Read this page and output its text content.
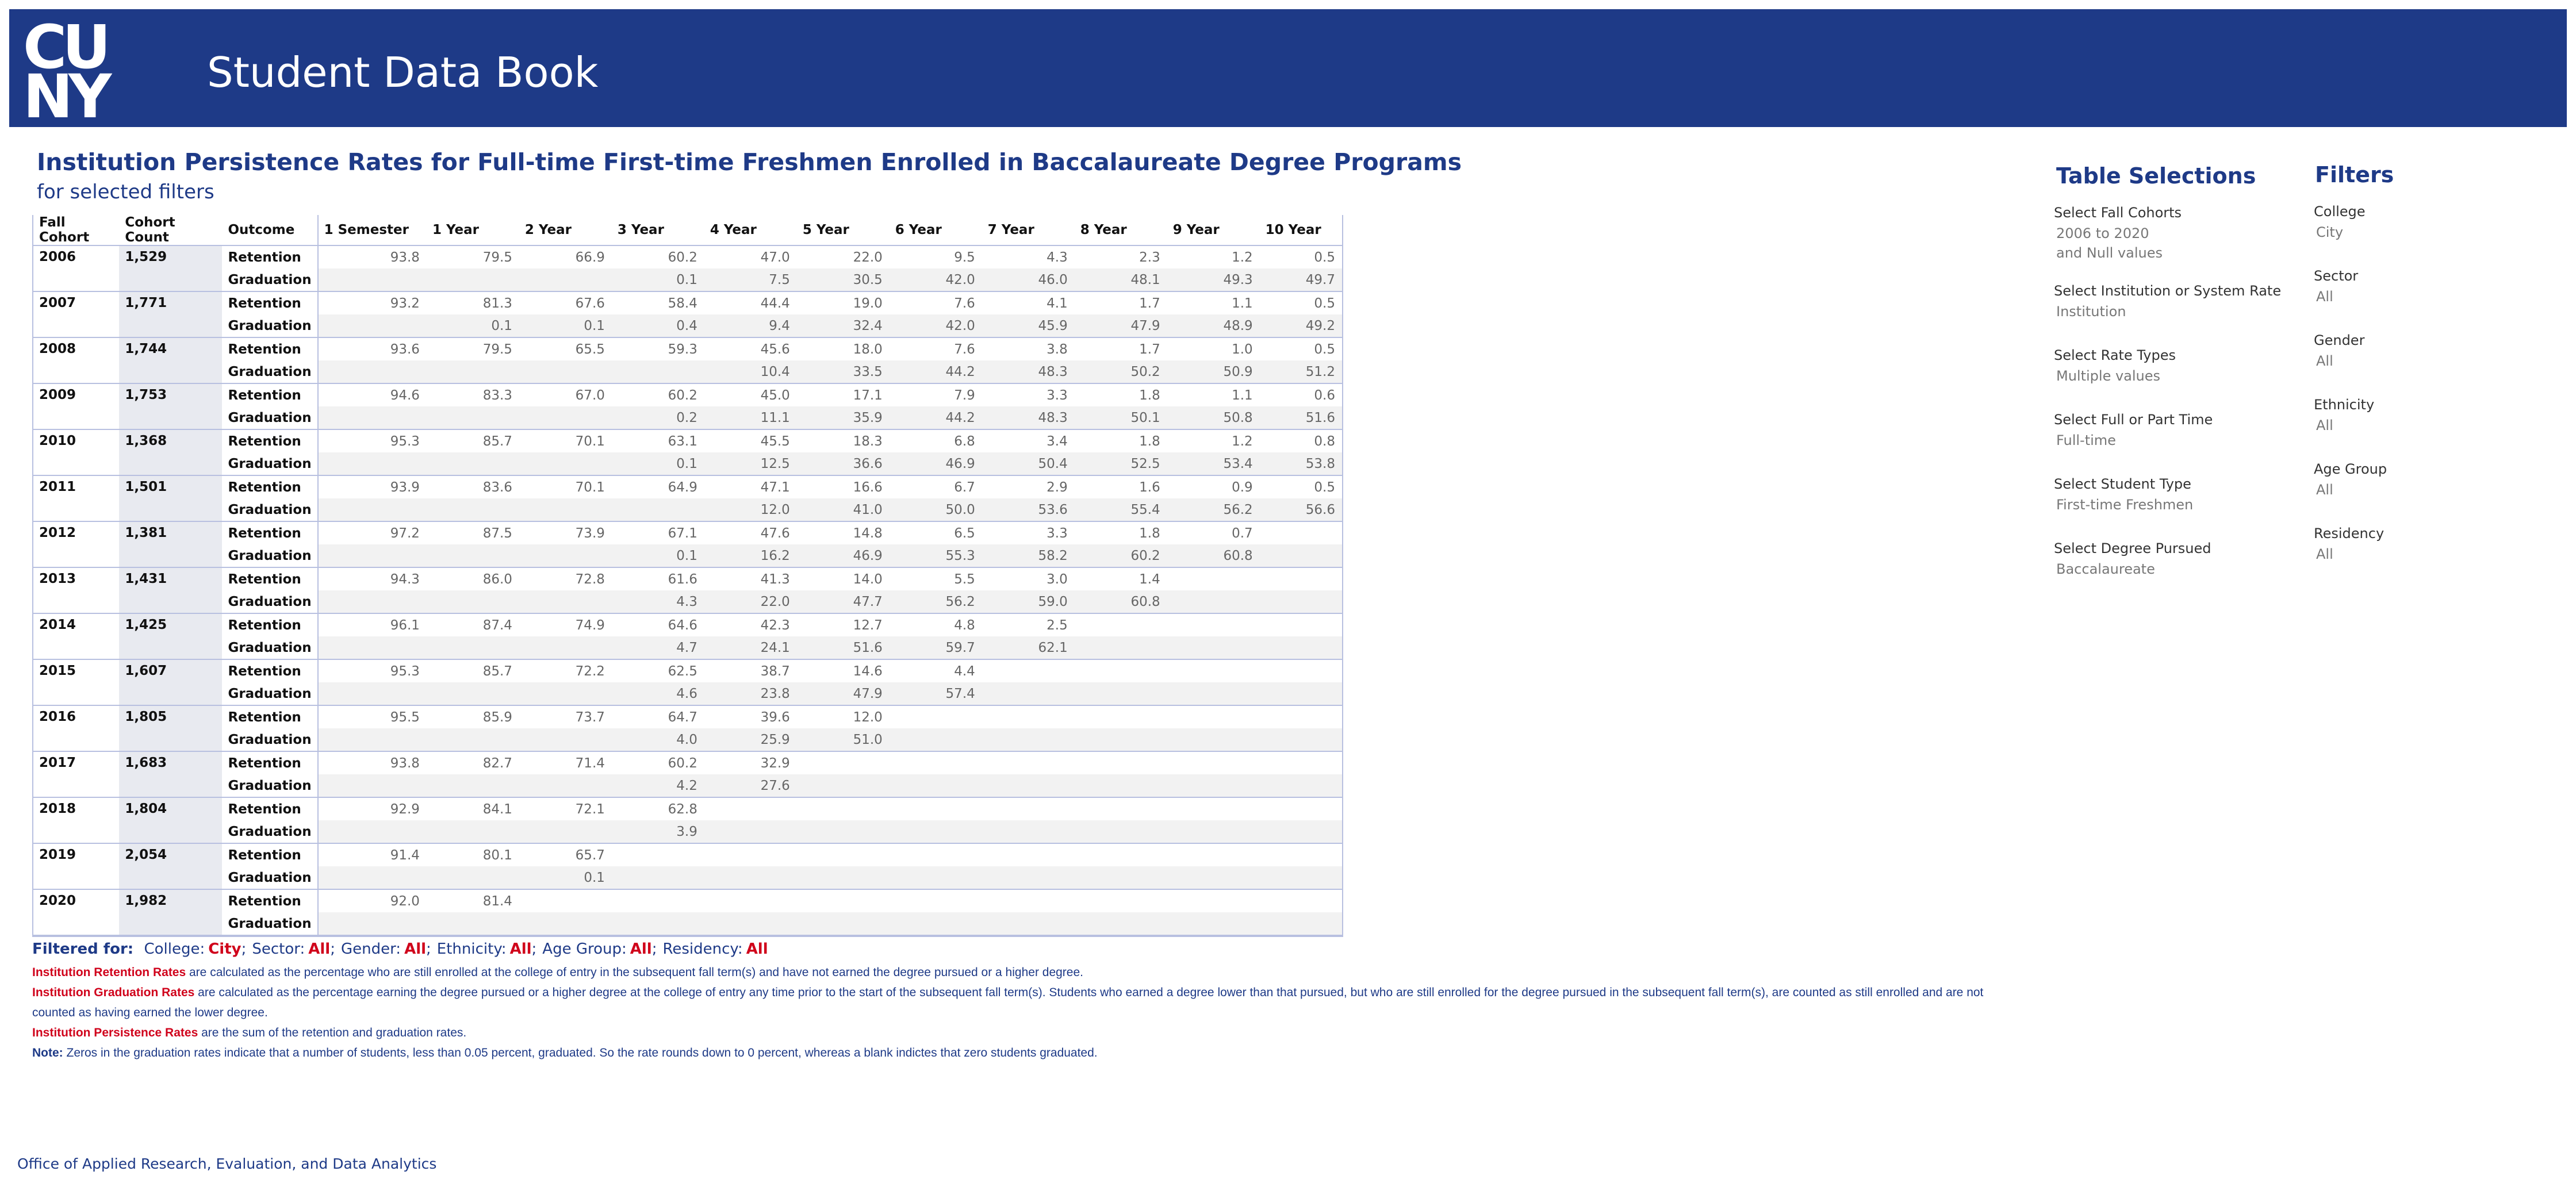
CU
NY Student Data Book
Institution Persistence Rates for Full-time First-time Freshmen Enrolled in Baccalaureate Degree Programs
for selected filters
Fall Cohort	Cohort Count	Outcome	1 Semester	1 Year	2 Year	3 Year	4 Year	5 Year	6 Year	7 Year	8 Year	9 Year	10 Year
2006	1,529	Retention	93.8	79.5	66.9	60.2	47.0	22.0	9.5	4.3	2.3	1.2	0.5
		Graduation				0.1	7.5	30.5	42.0	46.0	48.1	49.3	49.7
2007	1,771	Retention	93.2	81.3	67.6	58.4	44.4	19.0	7.6	4.1	1.7	1.1	0.5
		Graduation		0.1	0.1	0.4	9.4	32.4	42.0	45.9	47.9	48.9	49.2
2008	1,744	Retention	93.6	79.5	65.5	59.3	45.6	18.0	7.6	3.8	1.7	1.0	0.5
		Graduation					10.4	33.5	44.2	48.3	50.2	50.9	51.2
2009	1,753	Retention	94.6	83.3	67.0	60.2	45.0	17.1	7.9	3.3	1.8	1.1	0.6
		Graduation				0.2	11.1	35.9	44.2	48.3	50.1	50.8	51.6
2010	1,368	Retention	95.3	85.7	70.1	63.1	45.5	18.3	6.8	3.4	1.8	1.2	0.8
		Graduation				0.1	12.5	36.6	46.9	50.4	52.5	53.4	53.8
2011	1,501	Retention	93.9	83.6	70.1	64.9	47.1	16.6	6.7	2.9	1.6	0.9	0.5
		Graduation					12.0	41.0	50.0	53.6	55.4	56.2	56.6
2012	1,381	Retention	97.2	87.5	73.9	67.1	47.6	14.8	6.5	3.3	1.8	0.7	
		Graduation				0.1	16.2	46.9	55.3	58.2	60.2	60.8	
2013	1,431	Retention	94.3	86.0	72.8	61.6	41.3	14.0	5.5	3.0	1.4		
		Graduation				4.3	22.0	47.7	56.2	59.0	60.8		
2014	1,425	Retention	96.1	87.4	74.9	64.6	42.3	12.7	4.8	2.5			
		Graduation				4.7	24.1	51.6	59.7	62.1			
2015	1,607	Retention	95.3	85.7	72.2	62.5	38.7	14.6	4.4				
		Graduation				4.6	23.8	47.9	57.4				
2016	1,805	Retention	95.5	85.9	73.7	64.7	39.6	12.0					
		Graduation				4.0	25.9	51.0					
2017	1,683	Retention	93.8	82.7	71.4	60.2	32.9						
		Graduation				4.2	27.6						
2018	1,804	Retention	92.9	84.1	72.1	62.8							
		Graduation				3.9							
2019	2,054	Retention	91.4	80.1	65.7								
		Graduation			0.1								
2020	1,982	Retention	92.0	81.4									
		Graduation											
Filtered for: College: City; Sector: All; Gender: All; Ethnicity: All; Age Group: All; Residency: All
Institution Retention Rates are calculated as the percentage who are still enrolled at the college of entry in the subsequent fall term(s) and have not earned the degree pursued or a higher degree.
Institution Graduation Rates are calculated as the percentage earning the degree pursued or a higher degree at the college of entry any time prior to the start of the subsequent fall term(s). Students who earned a degree lower than that pursued, but who are still enrolled for the degree pursued in the subsequent fall term(s), are counted as still enrolled and are not counted as having earned the lower degree.
Institution Persistence Rates are the sum of the retention and graduation rates.
Note: Zeros in the graduation rates indicate that a number of students, less than 0.05 percent, graduated. So the rate rounds down to 0 percent, whereas a blank indictes that zero students graduated.
Office of Applied Research, Evaluation, and Data Analytics
Table Selections
Select Fall Cohorts
2006 to 2020
and Null values
Select Institution or System Rate
Institution
Select Rate Types
Multiple values
Select Full or Part Time
Full-time
Select Student Type
First-time Freshmen
Select Degree Pursued
Baccalaureate
Filters
College
City
Sector
All
Gender
All
Ethnicity
All
Age Group
All
Residency
All
